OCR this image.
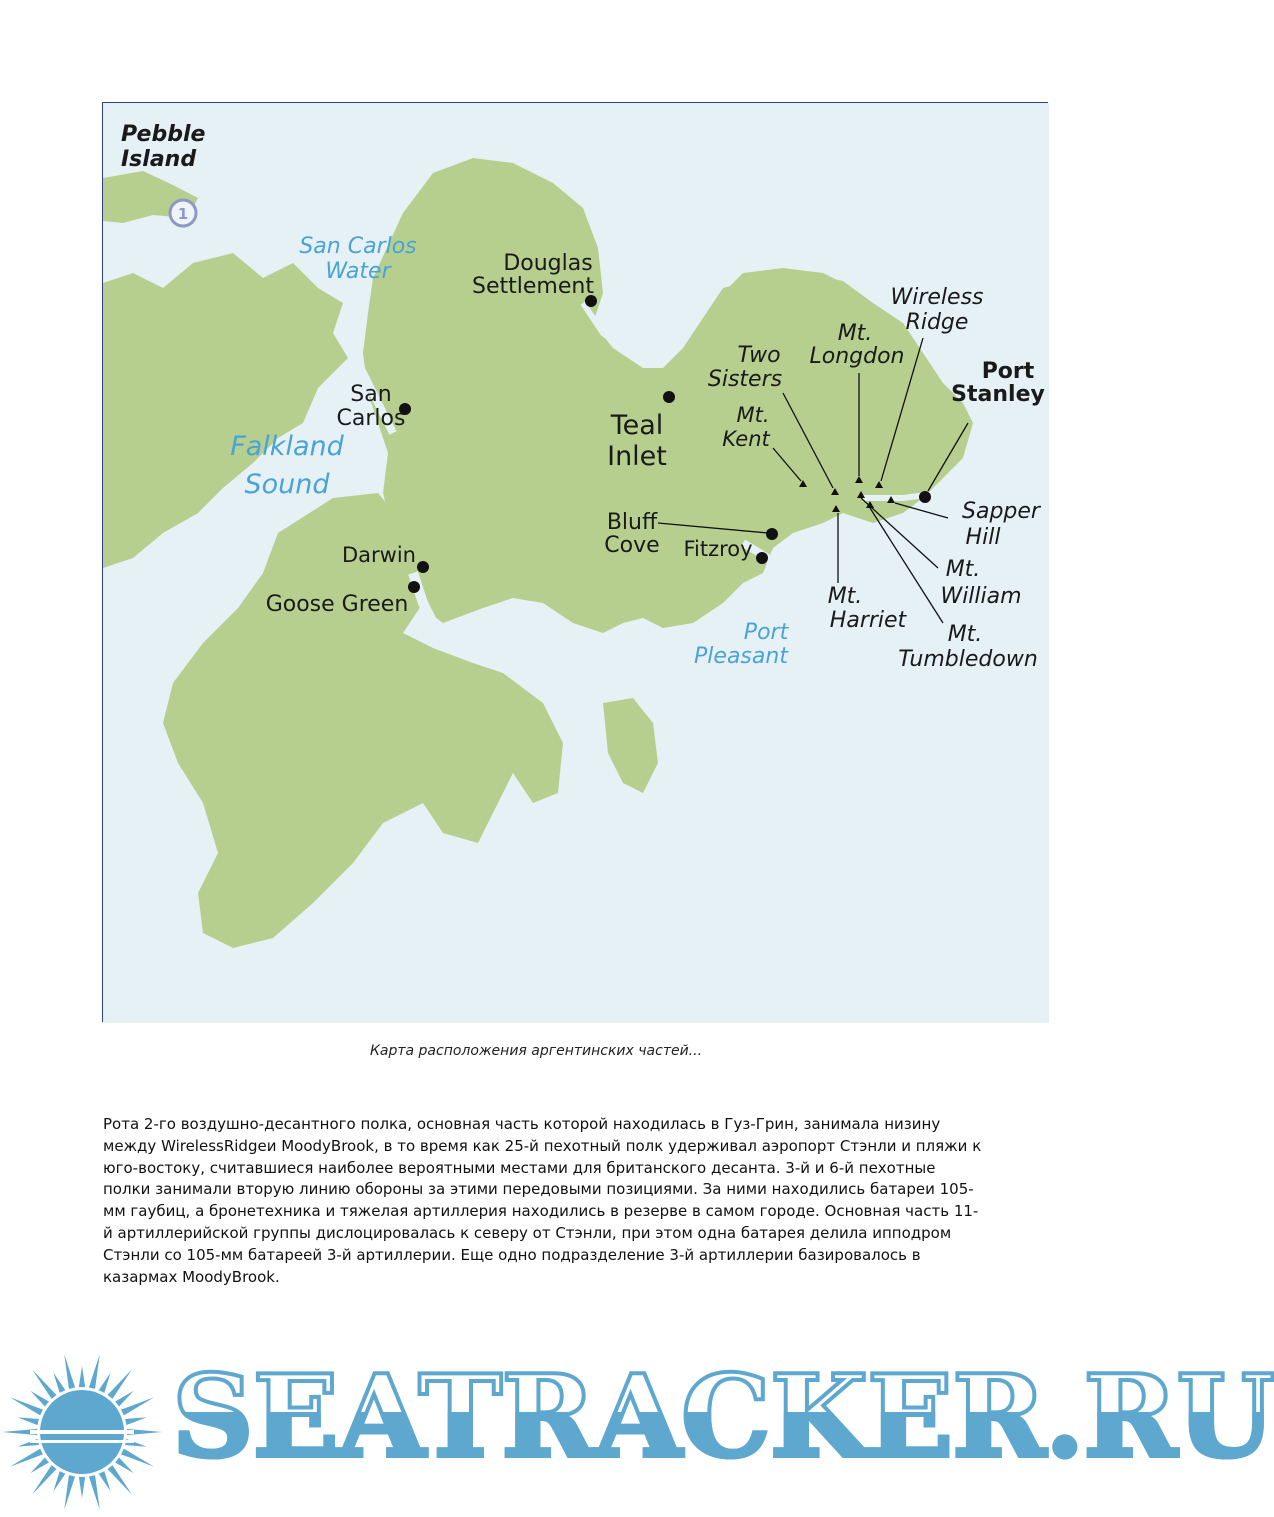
1
Pebble
Island
San Carlos
Water	Douglas
Settlement
San
Carlos
Falkland
Sound
Teal
Inlet
Two
Sisters
Mt.
Longdon
Wireless
Ridge
Port
Stanley
Mt.
Kent
Sapper
Hill
Bluff
Cove Fitzroy
Darwin
Goose Green
Mt.
William
Mt.
Harriet
Port
Pleasant
Mt.
Tumbledown
Карта расположения аргентинских частей...
Рота 2-го воздушно-десантного полка, основная часть которой находилась в Гуз-Грин, занимала низину между WirelessRidgeи MoodyBrook, в то время как 25-й пехотный полк удерживал аэропорт Стэнли и пляжи к юго-востоку, считавшиеся наиболее вероятными местами для британского десанта. 3-й и 6-й пехотные полки занимали вторую линию обороны за этими передовыми позициями. За ними находились батареи 105-мм гаубиц, а бронетехника и тяжелая артиллерия находились в резерве в самом городе. Основная часть 11-й артиллерийской группы дислоцировалась к северу от Стэнли, при этом одна батарея делила ипподром Стэнли со 105-мм батареей 3-й артиллерии. Еще одно подразделение 3-й артиллерии базировалось в казармах MoodyBrook.
SEATRACKER.RU
